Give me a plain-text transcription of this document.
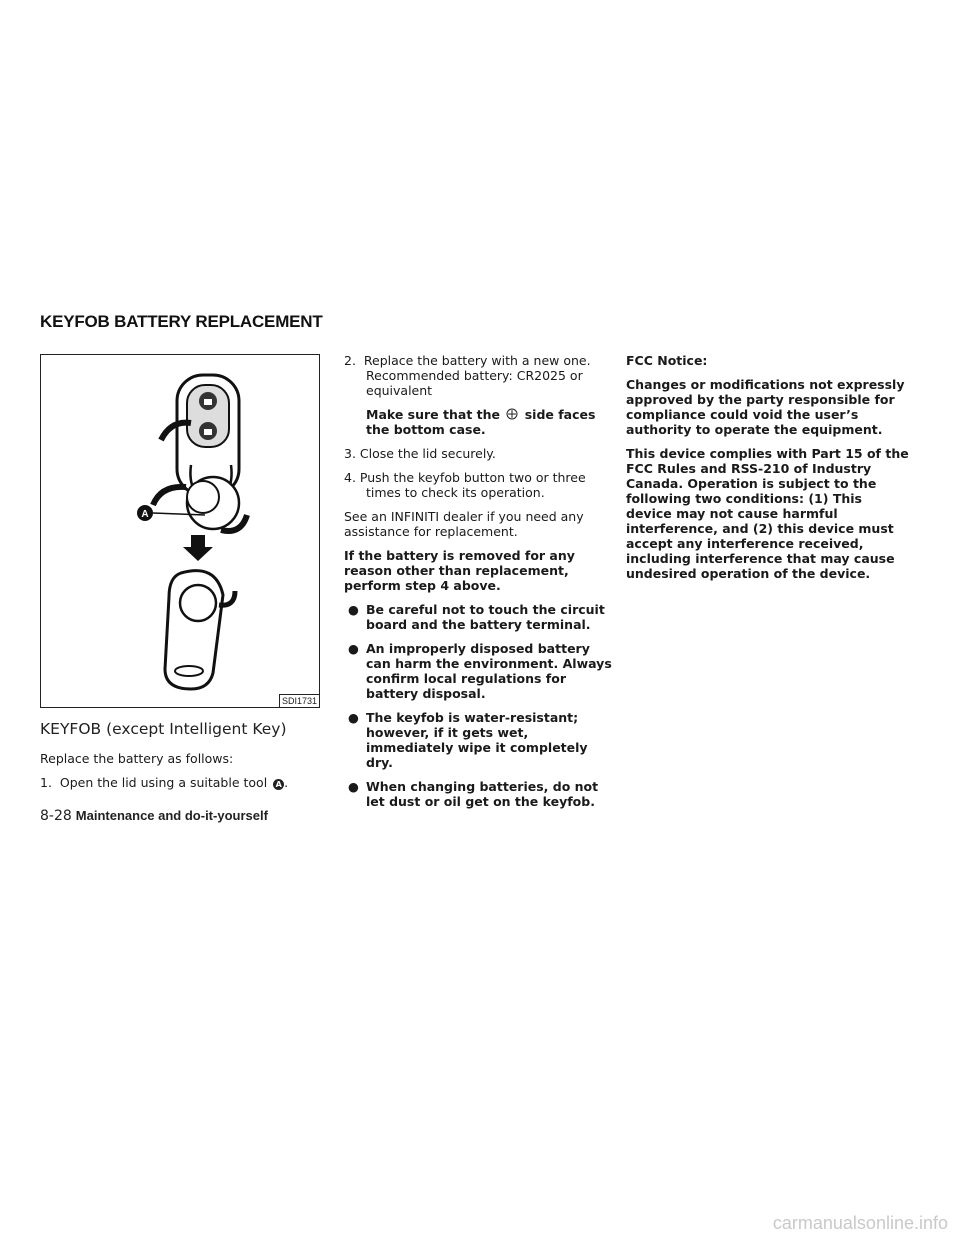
KEYFOB BATTERY REPLACEMENT
A
SDI1731
KEYFOB (except Intelligent Key)

Replace the battery as follows:

1. Open the lid using a suitable tool A .

2. Replace the battery with a new one.

Recommended battery: CR2025 or equivalent

Make sure that the side faces the bottom case.

3. Close the lid securely.

4. Push the keyfob button two or three times to check its operation.

See an INFINITI dealer if you need any assistance for replacement.

If the battery is removed for any reason other than replacement, perform step 4 above.

● Be careful not to touch the circuit board and the battery terminal.

● An improperly disposed battery can harm the environment. Always confirm local regulations for battery disposal.

● The keyfob is water-resistant; however, if it gets wet, immediately wipe it completely dry.

● When changing batteries, do not let dust or oil get on the keyfob.

FCC Notice:

Changes or modifications not expressly approved by the party responsible for compliance could void the user’s authority to operate the equipment.

This device complies with Part 15 of the FCC Rules and RSS-210 of Industry Canada. Operation is subject to the following two conditions: (1) This device may not cause harmful interference, and (2) this device must accept any interference received, including interference that may cause undesired operation of the device.

8-28 Maintenance and do-it-yourself
carmanualsonline.info
